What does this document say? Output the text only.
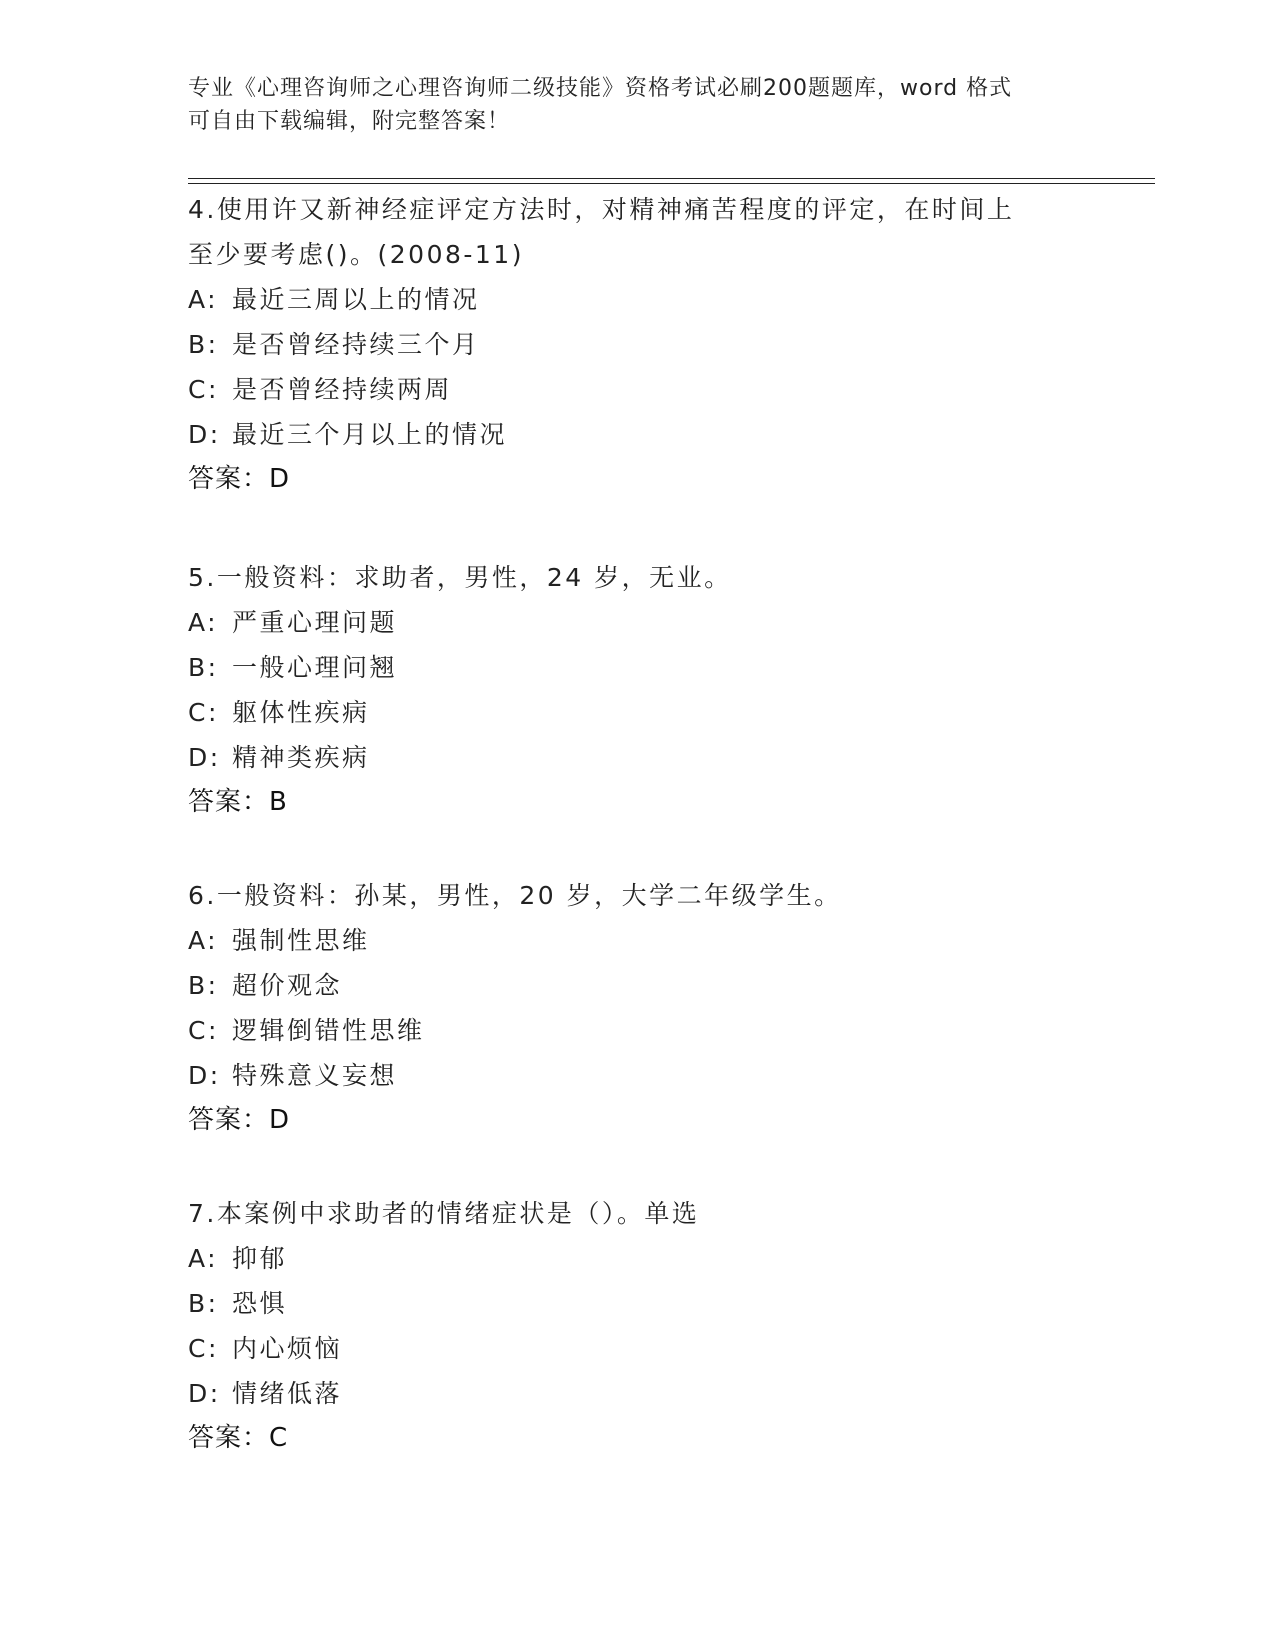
专业《心理咨询师之心理咨询师二级技能》资格考试必刷200题题库，word 格式
可自由下载编辑，附完整答案！

4.使用许又新神经症评定方法时，对精神痛苦程度的评定，在时间上

至少要考虑()。(2008-11)

A: 最近三周以上的情况

B: 是否曾经持续三个月

C: 是否曾经持续两周

D: 最近三个月以上的情况

答案：D

5.一般资料：求助者，男性，24 岁，无业。

A: 严重心理问题

B: 一般心理问翘

C: 躯体性疾病

D: 精神类疾病

答案：B

6.一般资料：孙某，男性，20 岁，大学二年级学生。

A: 强制性思维

B: 超价观念

C: 逻辑倒错性思维

D: 特殊意义妄想

答案：D

7.本案例中求助者的情绪症状是（）。单选

A: 抑郁

B: 恐惧

C: 内心烦恼

D: 情绪低落

答案：C
